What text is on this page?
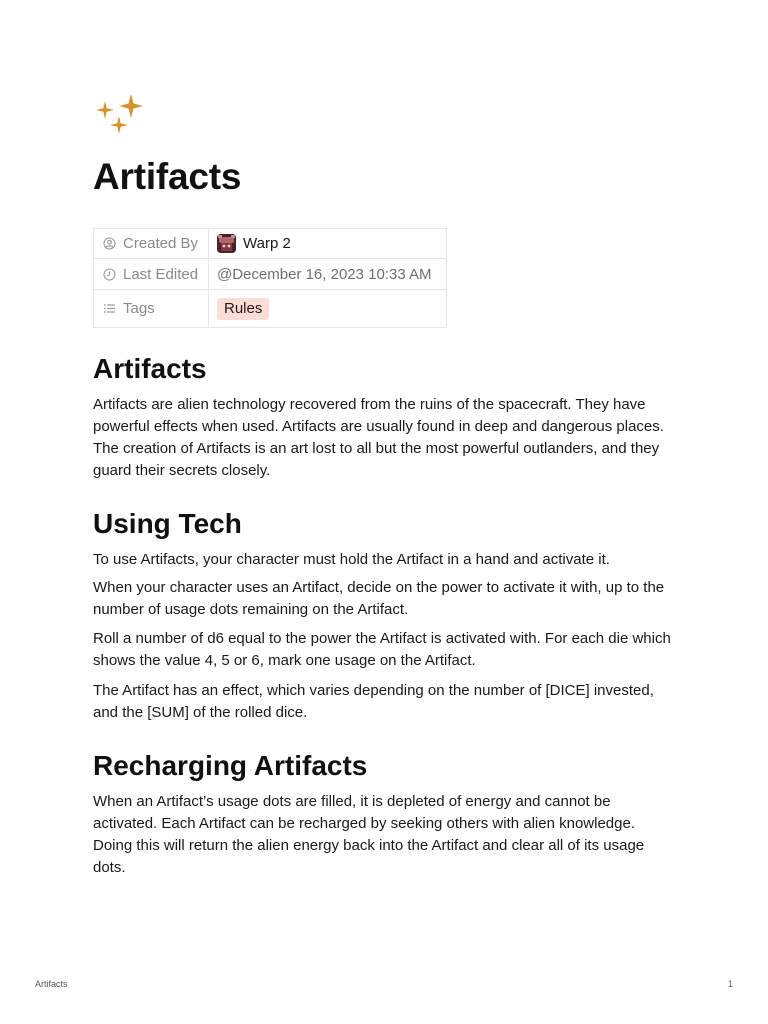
Artifacts
Created By	Warp 2

Last Edited	@December 16, 2023 10:33 AM

Tags	Rules
Artifacts

Artifacts are alien technology recovered from the ruins of the spacecraft. They have powerful effects when used. Artifacts are usually found in deep and dangerous places. The creation of Artifacts is an art lost to all but the most powerful outlanders, and they guard their secrets closely.

Using Tech

To use Artifacts, your character must hold the Artifact in a hand and activate it.

When your character uses an Artifact, decide on the power to activate it with, up to the number of usage dots remaining on the Artifact.

Roll a number of d6 equal to the power the Artifact is activated with. For each die which shows the value 4, 5 or 6, mark one usage on the Artifact.

The Artifact has an effect, which varies depending on the number of [DICE] invested, and the [SUM] of the rolled dice.

Recharging Artifacts

When an Artifact’s usage dots are filled, it is depleted of energy and cannot be activated. Each Artifact can be recharged by seeking others with alien knowledge. Doing this will return the alien energy back into the Artifact and clear all of its usage dots.

Artifacts	1
